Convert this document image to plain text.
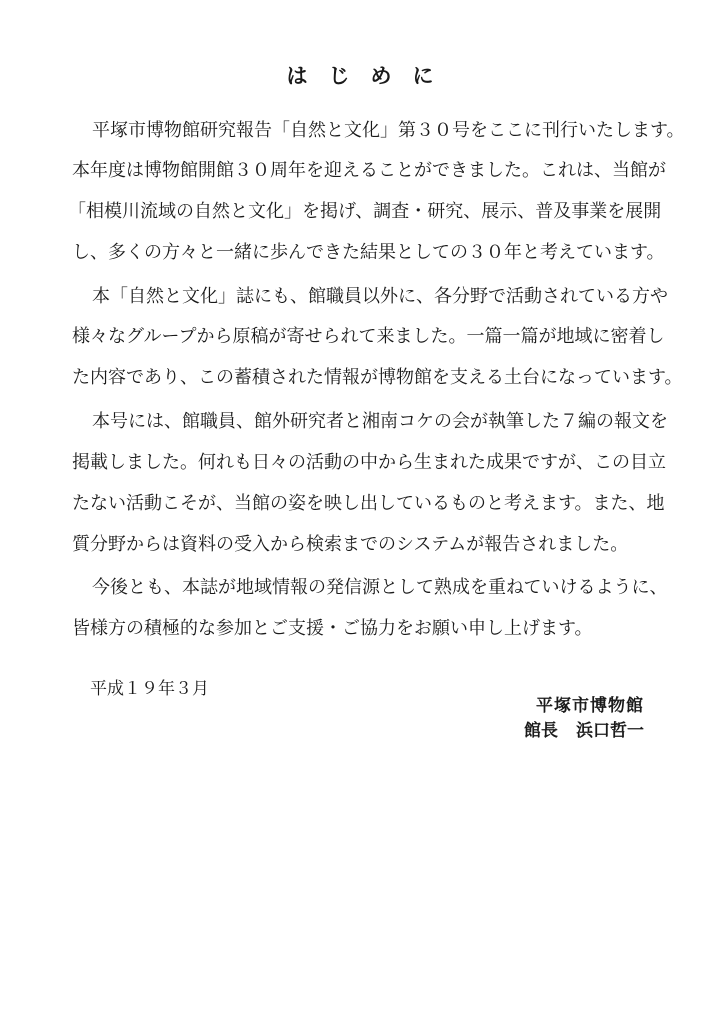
はじめに
平塚市博物館研究報告「自然と文化」第３０号をここに刊行いたします。
本年度は博物館開館３０周年を迎えることができました。これは、当館が
「相模川流域の自然と文化」を掲げ、調査・研究、展示、普及事業を展開
し、多くの方々と一緒に歩んできた結果としての３０年と考えています。
本「自然と文化」誌にも、館職員以外に、各分野で活動されている方や
様々なグループから原稿が寄せられて来ました。一篇一篇が地域に密着し
た内容であり、この蓄積された情報が博物館を支える土台になっています。
本号には、館職員、館外研究者と湘南コケの会が執筆した７編の報文を
掲載しました。何れも日々の活動の中から生まれた成果ですが、この目立
たない活動こそが、当館の姿を映し出しているものと考えます。また、地
質分野からは資料の受入から検索までのシステムが報告されました。
今後とも、本誌が地域情報の発信源として熟成を重ねていけるように、
皆様方の積極的な参加とご支援・ご協力をお願い申し上げます。
平成１９年３月
平塚市博物館
館長 浜口哲一
